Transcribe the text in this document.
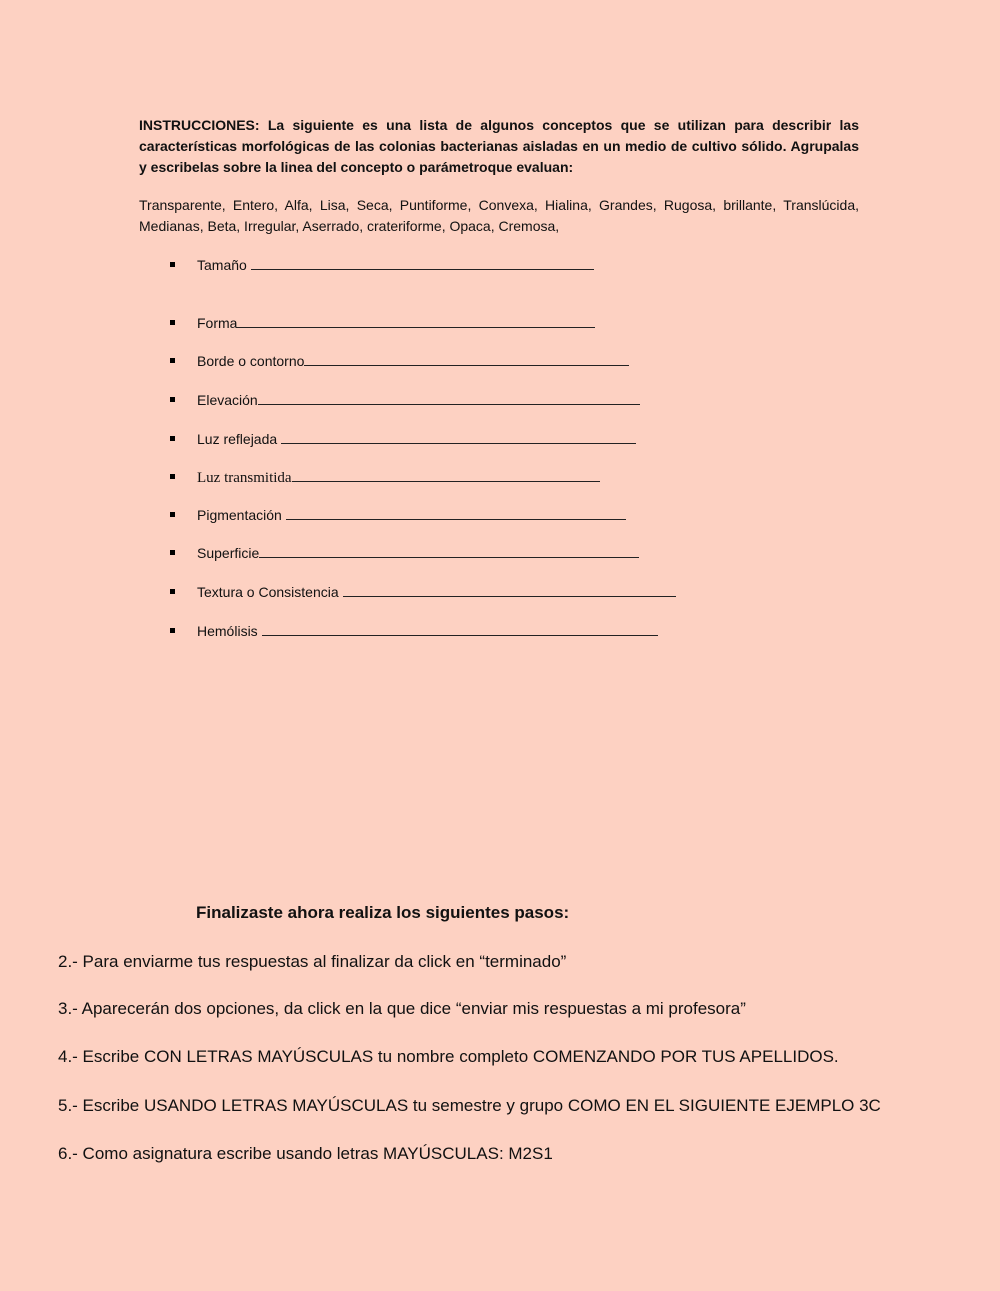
INSTRUCCIONES: La siguiente es una lista de algunos conceptos que se utilizan para describir las características morfológicas de las colonias bacterianas aisladas en un medio de cultivo sólido. Agrupalas y escribelas sobre la linea del concepto o parámetroque evaluan:
Transparente, Entero, Alfa, Lisa, Seca, Puntiforme, Convexa, Hialina, Grandes, Rugosa, brillante, Translúcida, Medianas, Beta, Irregular, Aserrado, crateriforme, Opaca, Cremosa,
Tamaño
Forma
Borde o contorno
Elevación
Luz reflejada
Luz transmitida
Pigmentación
Superficie
Textura o Consistencia
Hemólisis
Finalizaste ahora realiza los siguientes pasos:
2.- Para enviarme tus respuestas al finalizar da click en “terminado”
3.- Aparecerán dos opciones, da click en la que dice “enviar mis respuestas a mi profesora”
4.- Escribe CON LETRAS MAYÚSCULAS tu nombre completo COMENZANDO POR TUS APELLIDOS.
5.- Escribe USANDO LETRAS MAYÚSCULAS tu semestre y grupo COMO EN EL SIGUIENTE EJEMPLO 3C
6.- Como asignatura escribe usando letras MAYÚSCULAS: M2S1
